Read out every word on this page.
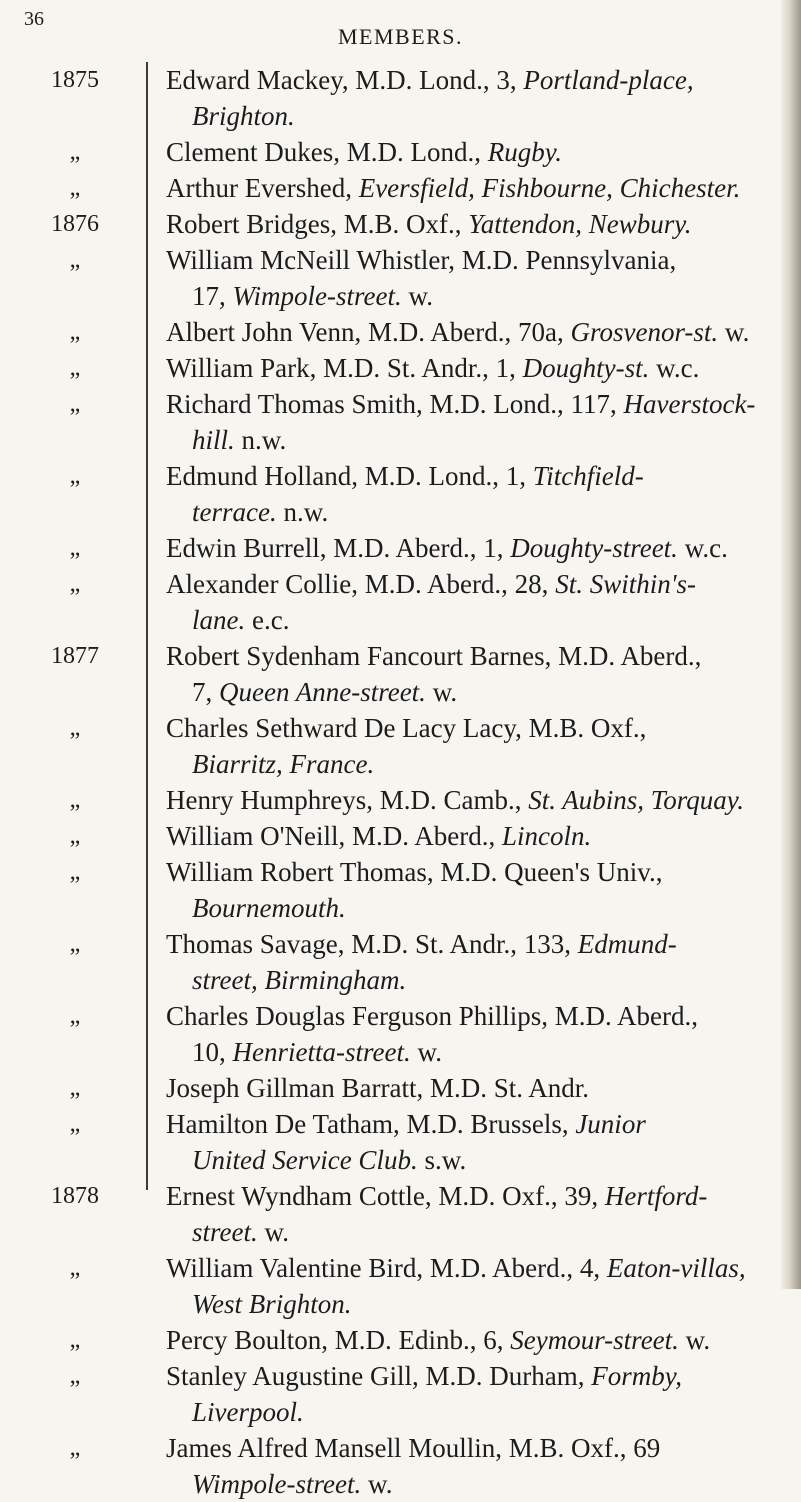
36
MEMBERS.
1875	Edward Mackey, M.D. Lond., 3, Portland-place,
Brighton.
„	Clement Dukes, M.D. Lond., Rugby.
„	Arthur Evershed, Eversfield, Fishbourne, Chichester.
1876	Robert Bridges, M.B. Oxf., Yattendon, Newbury.
„	William McNeill Whistler, M.D. Pennsylvania,
17, Wimpole-street. w.
„	Albert John Venn, M.D. Aberd., 70a, Grosvenor-st. w.
„	William Park, M.D. St. Andr., 1, Doughty-st. w.c.
„	Richard Thomas Smith, M.D. Lond., 117, Haverstock-
hill. n.w.
„	Edmund Holland, M.D. Lond., 1, Titchfield-
terrace. n.w.
„	Edwin Burrell, M.D. Aberd., 1, Doughty-street. w.c.
„	Alexander Collie, M.D. Aberd., 28, St. Swithin's-
lane. e.c.
1877	Robert Sydenham Fancourt Barnes, M.D. Aberd.,
7, Queen Anne-street. w.
„	Charles Sethward De Lacy Lacy, M.B. Oxf.,
Biarritz, France.
„	Henry Humphreys, M.D. Camb., St. Aubins, Torquay.
„	William O'Neill, M.D. Aberd., Lincoln.
„	William Robert Thomas, M.D. Queen's Univ.,
Bournemouth.
„	Thomas Savage, M.D. St. Andr., 133, Edmund-
street, Birmingham.
„	Charles Douglas Ferguson Phillips, M.D. Aberd.,
10, Henrietta-street. w.
„	Joseph Gillman Barratt, M.D. St. Andr.
„	Hamilton De Tatham, M.D. Brussels, Junior
United Service Club. s.w.
1878	Ernest Wyndham Cottle, M.D. Oxf., 39, Hertford-
street. w.
„	William Valentine Bird, M.D. Aberd., 4, Eaton-villas,
West Brighton.
„	Percy Boulton, M.D. Edinb., 6, Seymour-street. w.
„	Stanley Augustine Gill, M.D. Durham, Formby,
Liverpool.
„	James Alfred Mansell Moullin, M.B. Oxf., 69
Wimpole-street. w.
